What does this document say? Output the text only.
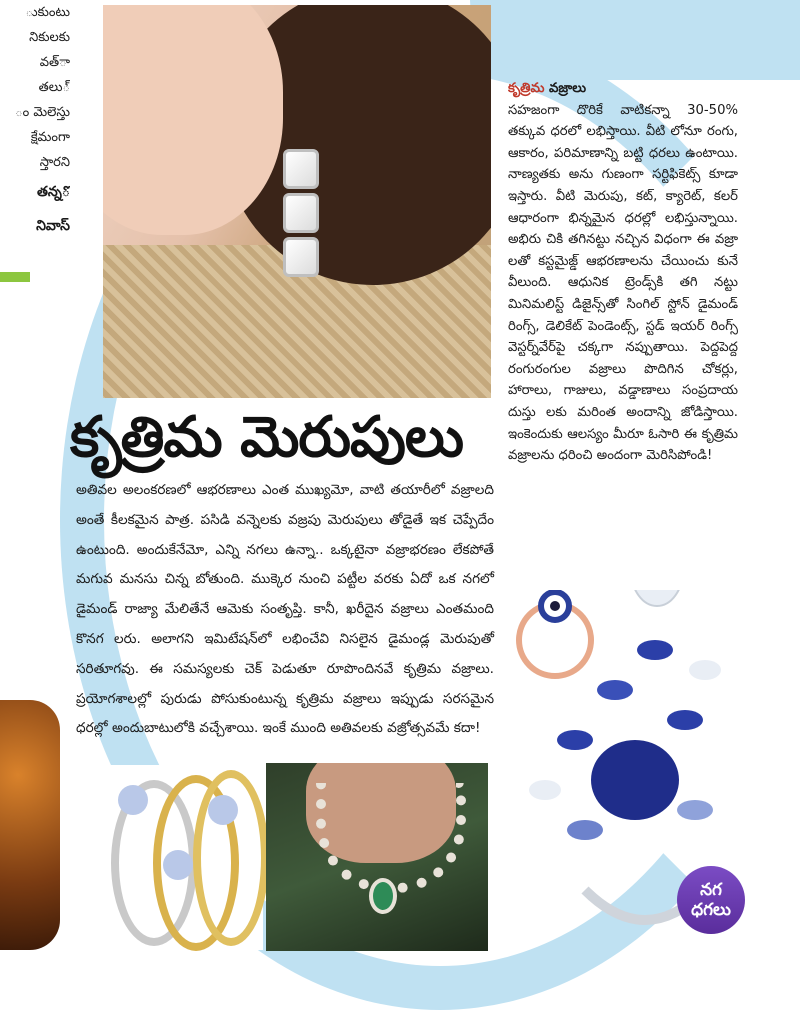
ుకుంటు
నికులకు
ావత్
్తలు
ం మెలెస్తు
క్షేమంగా
స్తారని
ోతన్న
నివాస్
కృత్రిమ మెరుపులు

అతివల అలంకరణలో ఆభరణాలు ఎంత ముఖ్యమో, వాటి తయారీలో వజ్రాలది అంతే కీలకమైన పాత్ర. పసిడి వన్నెలకు వజ్రపు మెరుపులు తోడైతే ఇక చెప్పేదేం ఉంటుంది. అందుకేనేమో, ఎన్ని నగలు ఉన్నా.. ఒక్కటైనా వజ్రాభరణం లేకపోతే మగువ మనసు చిన్న బోతుంది. ముక్కెర నుంచి పట్టీల వరకు ఏదో ఒక నగలో డైమండ్ రాజ్యా మేలితేనే ఆమెకు సంతృప్తి. కానీ, ఖరీదైన వజ్రాలు ఎంతమంది కొనగ లరు. అలాగని ఇమిటేషన్‌లో లభించేవి నిసలైన డైమండ్ల మెరుపుతో సరితూగవు. ఈ సమస్యలకు చెక్ పెడుతూ రూపొందినవే కృత్రిమ వజ్రాలు. ప్రయోగశాలల్లో పురుడు పోసుకుంటున్న కృత్రిమ వజ్రాలు ఇప్పుడు సరసమైన ధరల్లో అందుబాటులోకి వచ్చేశాయి. ఇంకే ముంది అతివలకు వజ్రోత్సవమే కదా!

కృత్రిమ వజ్రాలు
సహజంగా దొరికే వాటికన్నా 30-50% తక్కువ ధరలో లభిస్తాయి. వీటి లోనూ రంగు, ఆకారం, పరిమాణాన్ని బట్టి ధరలు ఉంటాయి. నాణ్యతకు అను గుణంగా సర్టిఫికెట్స్ కూడా ఇస్తారు. వీటి మెరుపు, కట్, క్యారెట్, కలర్ ఆధారంగా భిన్నమైన ధరల్లో లభిస్తున్నాయి. అభిరు చికి తగినట్టు నచ్చిన విధంగా ఈ వజ్రా లతో కస్టమైజ్డ్ ఆభరణాలను చేయించు కునే వీలుంది. ఆధునిక ట్రెండ్స్‌కి తగి నట్టు మినిమలిస్ట్ డిజైన్స్‌తో సింగిల్ స్టోన్ డైమండ్ రింగ్స్, డెలికేట్ పెండెంట్స్, స్టడ్ ఇయర్ రింగ్స్ వెస్టర్న్‌వేర్‌పై చక్కగా నప్పుతాయి. పెద్దపెద్ద రంగురంగుల వజ్రాలు పొదిగిన చోకర్లు, హారాలు, గాజులు, వడ్డాణాలు సంప్రదాయ దుస్తు లకు మరింత అందాన్ని జోడిస్తాయి. ఇంకెందుకు ఆలస్యం మీరూ ఓసారి ఈ కృత్రిమ వజ్రాలను ధరించి అందంగా మెరిసిపోండి!

నగ
ధగలు
